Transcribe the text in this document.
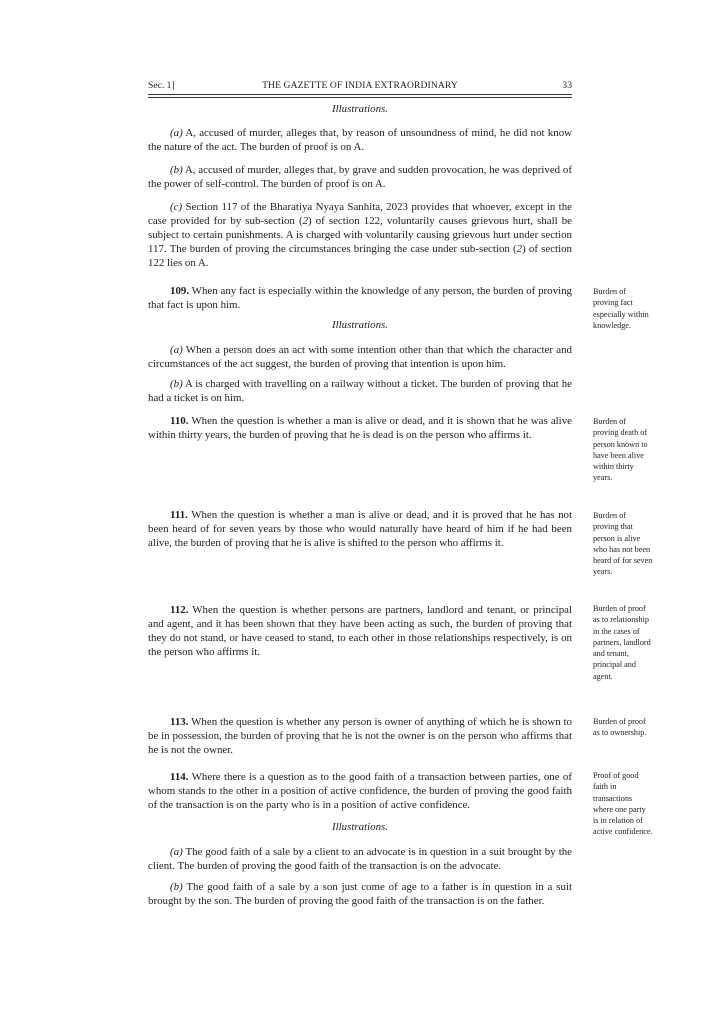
Sec. 1]	THE GAZETTE OF INDIA EXTRAORDINARY	33
Illustrations.

(a) A, accused of murder, alleges that, by reason of unsoundness of mind, he did not know the nature of the act. The burden of proof is on A.

(b) A, accused of murder, alleges that, by grave and sudden provocation, he was deprived of the power of self-control. The burden of proof is on A.

(c) Section 117 of the Bharatiya Nyaya Sanhita, 2023 provides that whoever, except in the case provided for by sub-section (2) of section 122, voluntarily causes grievous hurt, shall be subject to certain punishments. A is charged with voluntarily causing grievous hurt under section 117. The burden of proving the circumstances bringing the case under sub-section (2) of section 122 lies on A.

109. When any fact is especially within the knowledge of any person, the burden of proving that fact is upon him.

Illustrations.

(a) When a person does an act with some intention other than that which the character and circumstances of the act suggest, the burden of proving that intention is upon him.

(b) A is charged with travelling on a railway without a ticket. The burden of proving that he had a ticket is on him.

110. When the question is whether a man is alive or dead, and it is shown that he was alive within thirty years, the burden of proving that he is dead is on the person who affirms it.

111. When the question is whether a man is alive or dead, and it is proved that he has not been heard of for seven years by those who would naturally have heard of him if he had been alive, the burden of proving that he is alive is shifted to the person who affirms it.

112. When the question is whether persons are partners, landlord and tenant, or principal and agent, and it has been shown that they have been acting as such, the burden of proving that they do not stand, or have ceased to stand, to each other in those relationships respectively, is on the person who affirms it.

113. When the question is whether any person is owner of anything of which he is shown to be in possession, the burden of proving that he is not the owner is on the person who affirms that he is not the owner.

114. Where there is a question as to the good faith of a transaction between parties, one of whom stands to the other in a position of active confidence, the burden of proving the good faith of the transaction is on the party who is in a position of active confidence.

Illustrations.

(a) The good faith of a sale by a client to an advocate is in question in a suit brought by the client. The burden of proving the good faith of the transaction is on the advocate.

(b) The good faith of a sale by a son just come of age to a father is in question in a suit brought by the son. The burden of proving the good faith of the transaction is on the father.

Burden of proving fact especially within knowledge.
Burden of proving death of person known to have been alive within thirty years.
Burden of proving that person is alive who has not been heard of for seven years.
Burden of proof as to relationship in the cases of partners, landlord and tenant, principal and agent.
Burden of proof as to ownership.
Proof of good faith in transactions where one party is in relation of active confidence.
